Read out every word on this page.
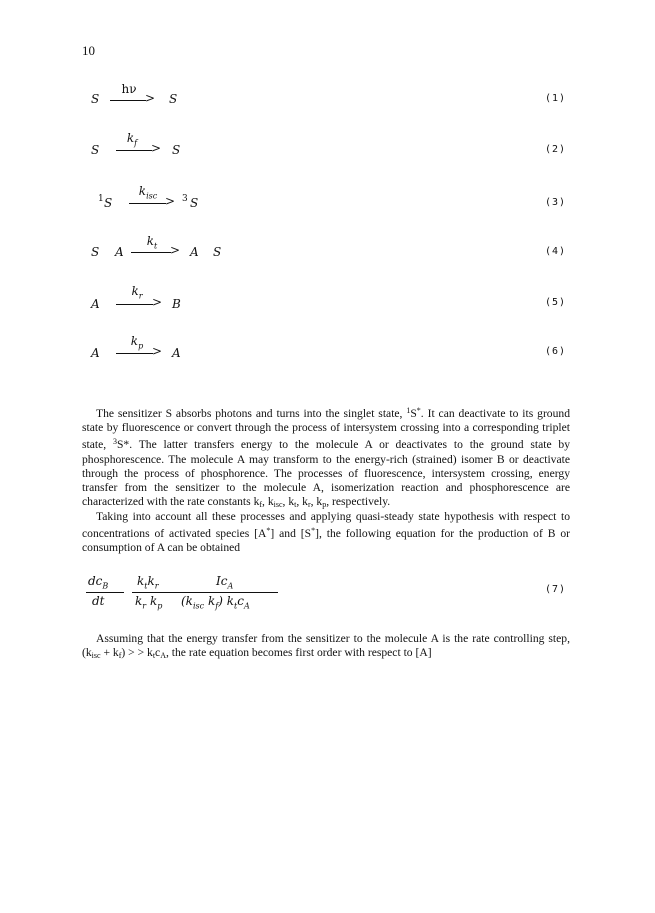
10
S
hν
> S	(1)
S
$k_f$	> S	(2)
1 S
$k_{isc} > 3$ S	(3)
S A
$k_t$	> A S	(4)
A
$k_r > B$	(5)
A
$k_p > A$	(6)

The sensitizer S absorbs photons and turns into the singlet state, $^1$S*. It can deactivate to its ground state by fluorescence or convert through the process of intersystem crossing into a corresponding triplet state, $^3$S*. The latter transfers energy to the molecule A or deactivates to the ground state by phosphorescence. The molecule A may transform to the energy-rich (strained) isomer B or deactivate through the process of phosphorence. The processes of fluorescence, intersystem crossing, energy transfer from the sensitizer to the molecule A, isomerization reaction and phosphorescence are characterized with the rate constants $k_f$, $k_{isc}$, $k_t$, $k_r$, $k_p$, respectively.

Taking into account all these processes and applying quasi-steady state hypothesis with respect to concentrations of activated species [A*] and [S*], the following equation for the production of B or consumption of A can be obtained

$dc_B$
dt
$k_tk_r$
$k_r$ $k_p$
$Ic_A$
($k_{isc}$ $k_f$) $k_tc_A$
(7)

Assuming that the energy transfer from the sensitizer to the molecule A is the rate controlling step, $(k_{isc} + k_f)$ > > $k_tc_A$, the rate equation becomes first order with respect to [A]
